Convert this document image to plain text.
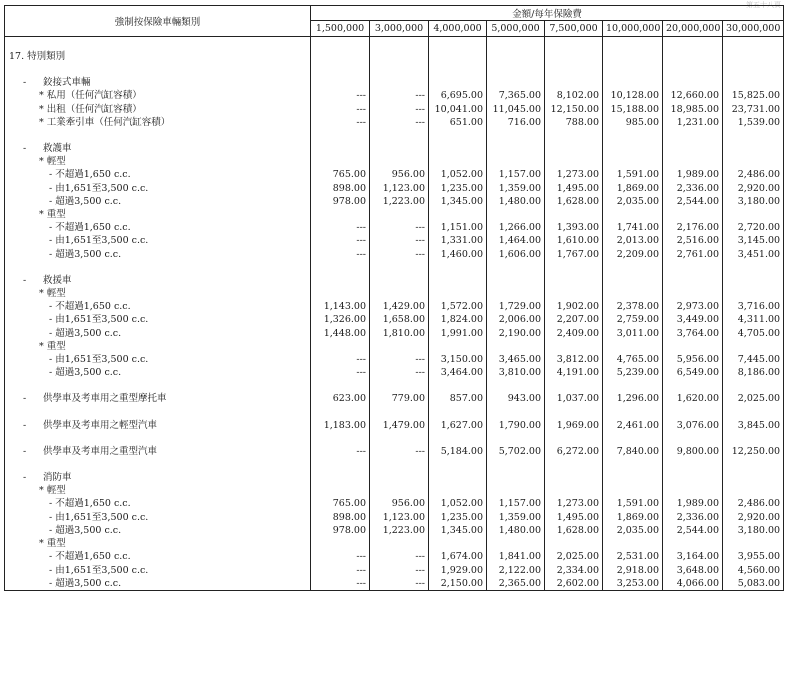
第五十八頁
強制按保險車輛類別	金額/每年保險費							
	1,500,000	3,000,000	4,000,000	5,000,000	7,500,000	10,000,000	20,000,000	30,000,000

17. 特別類別								

- 鉸接式車輛								
* 私用（任何汽缸容積）	---	---	6,695.00	7,365.00	8,102.00	10,128.00	12,660.00	15,825.00
* 出租（任何汽缸容積）	---	---	10,041.00	11,045.00	12,150.00	15,188.00	18,985.00	23,731.00
* 工業牽引車（任何汽缸容積）	---	---	651.00	716.00	788.00	985.00	1,231.00	1,539.00

- 救護車								
* 輕型								
- 不超過1,650 c.c.	765.00	956.00	1,052.00	1,157.00	1,273.00	1,591.00	1,989.00	2,486.00
- 由1,651至3,500 c.c.	898.00	1,123.00	1,235.00	1,359.00	1,495.00	1,869.00	2,336.00	2,920.00
- 超過3,500 c.c.	978.00	1,223.00	1,345.00	1,480.00	1,628.00	2,035.00	2,544.00	3,180.00
* 重型								
- 不超過1,650 c.c.	---	---	1,151.00	1,266.00	1,393.00	1,741.00	2,176.00	2,720.00
- 由1,651至3,500 c.c.	---	---	1,331.00	1,464.00	1,610.00	2,013.00	2,516.00	3,145.00
- 超過3,500 c.c.	---	---	1,460.00	1,606.00	1,767.00	2,209.00	2,761.00	3,451.00

- 救援車								
* 輕型								
- 不超過1,650 c.c.	1,143.00	1,429.00	1,572.00	1,729.00	1,902.00	2,378.00	2,973.00	3,716.00
- 由1,651至3,500 c.c.	1,326.00	1,658.00	1,824.00	2,006.00	2,207.00	2,759.00	3,449.00	4,311.00
- 超過3,500 c.c.	1,448.00	1,810.00	1,991.00	2,190.00	2,409.00	3,011.00	3,764.00	4,705.00
* 重型								
- 由1,651至3,500 c.c.	---	---	3,150.00	3,465.00	3,812.00	4,765.00	5,956.00	7,445.00
- 超過3,500 c.c.	---	---	3,464.00	3,810.00	4,191.00	5,239.00	6,549.00	8,186.00

- 供學車及考車用之重型摩托車	623.00	779.00	857.00	943.00	1,037.00	1,296.00	1,620.00	2,025.00

- 供學車及考車用之輕型汽車	1,183.00	1,479.00	1,627.00	1,790.00	1,969.00	2,461.00	3,076.00	3,845.00

- 供學車及考車用之重型汽車	---	---	5,184.00	5,702.00	6,272.00	7,840.00	9,800.00	12,250.00

- 消防車								
* 輕型								
- 不超過1,650 c.c.	765.00	956.00	1,052.00	1,157.00	1,273.00	1,591.00	1,989.00	2,486.00
- 由1,651至3,500 c.c.	898.00	1,123.00	1,235.00	1,359.00	1,495.00	1,869.00	2,336.00	2,920.00
- 超過3,500 c.c.	978.00	1,223.00	1,345.00	1,480.00	1,628.00	2,035.00	2,544.00	3,180.00
* 重型								
- 不超過1,650 c.c.	---	---	1,674.00	1,841.00	2,025.00	2,531.00	3,164.00	3,955.00
- 由1,651至3,500 c.c.	---	---	1,929.00	2,122.00	2,334.00	2,918.00	3,648.00	4,560.00
- 超過3,500 c.c.	---	---	2,150.00	2,365.00	2,602.00	3,253.00	4,066.00	5,083.00
